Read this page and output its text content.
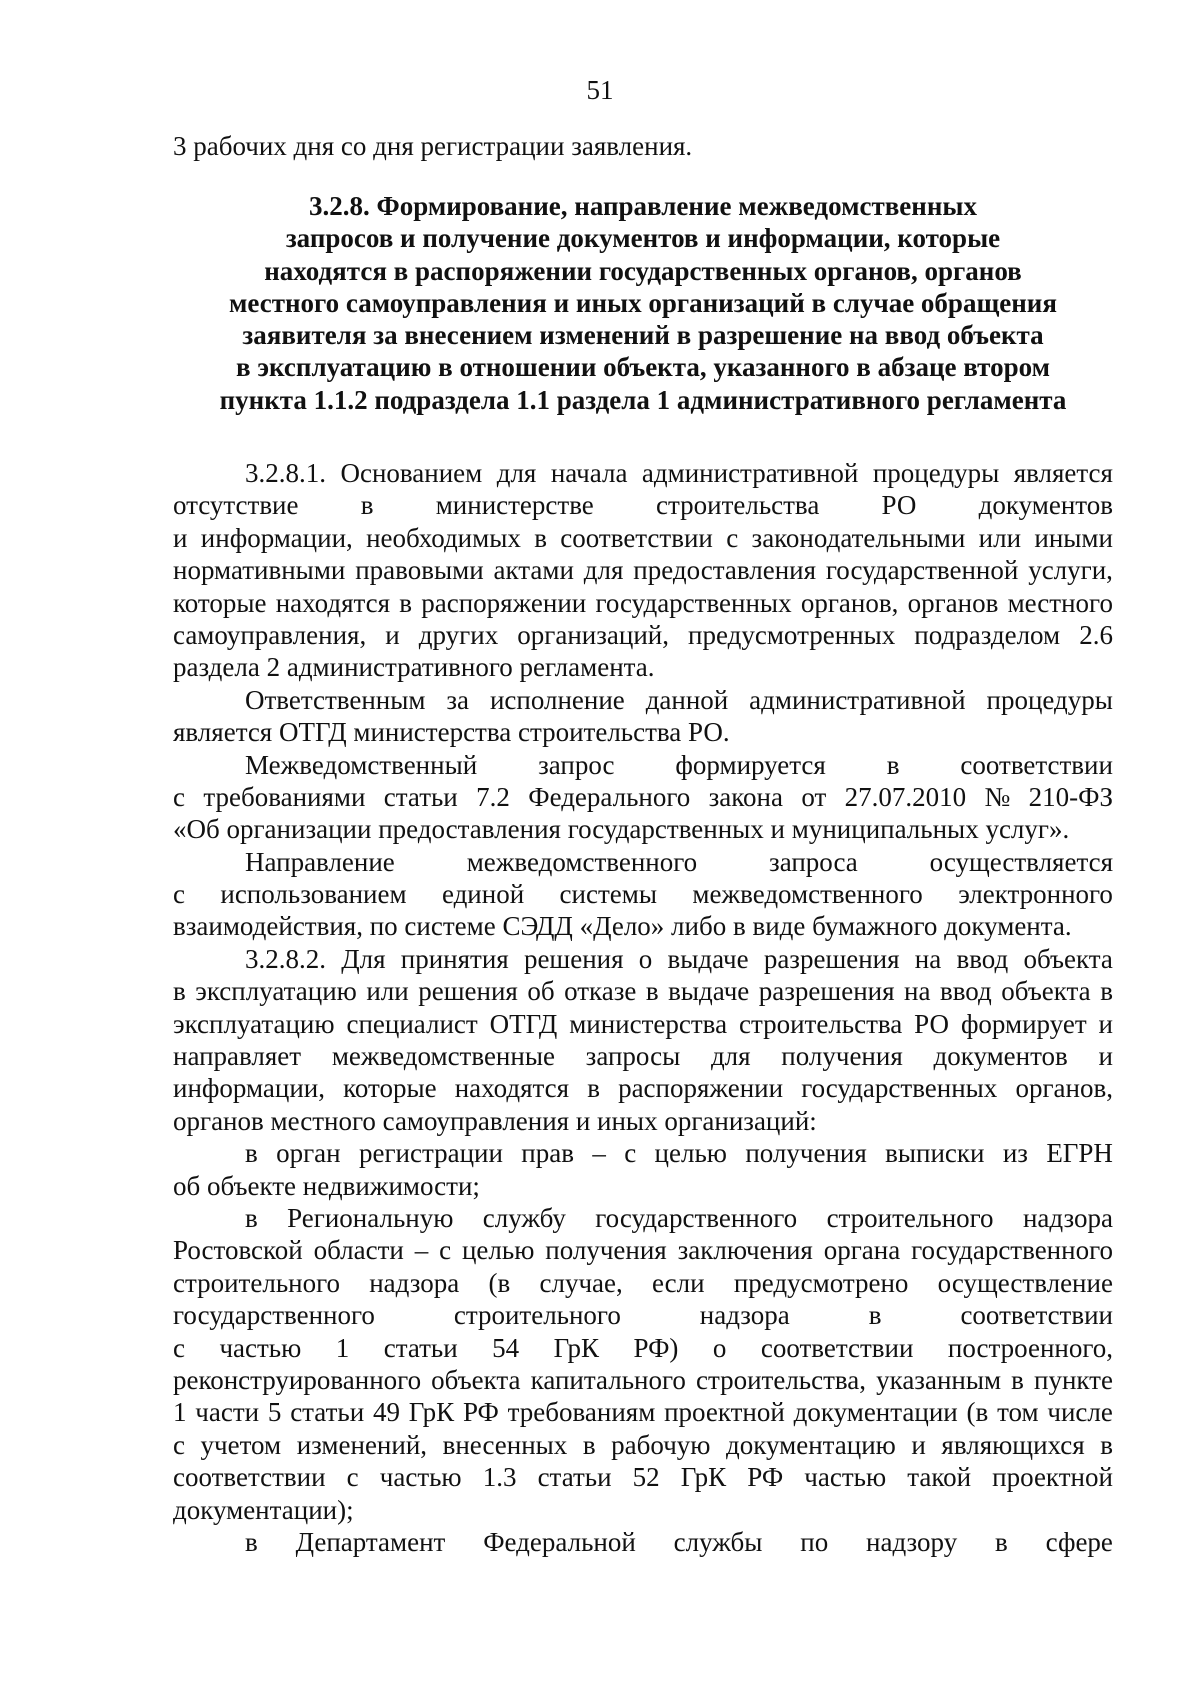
51
3 рабочих дня со дня регистрации заявления.
3.2.8. Формирование, направление межведомственных
запросов и получение документов и информации, которые
находятся в распоряжении государственных органов, органов
местного самоуправления и иных организаций в случае обращения
заявителя за внесением изменений в разрешение на ввод объекта
в эксплуатацию в отношении объекта, указанного в абзаце втором
пункта 1.1.2 подраздела 1.1 раздела 1 административного регламента
3.2.8.1. Основанием для начала административной процедуры является
отсутствие в министерстве строительства РО документов
и информации, необходимых в соответствии с законодательными или иными
нормативными правовыми актами для предоставления государственной услуги,
которые находятся в распоряжении государственных органов, органов местного
самоуправления, и других организаций, предусмотренных подразделом 2.6
раздела 2 административного регламента.
Ответственным за исполнение данной административной процедуры
является ОТГД министерства строительства РО.
Межведомственный запрос формируется в соответствии
с требованиями статьи 7.2 Федерального закона от 27.07.2010 № 210-ФЗ
«Об организации предоставления государственных и муниципальных услуг».
Направление	межведомственного	запроса	осуществляется
с использованием единой системы межведомственного электронного
взаимодействия, по системе СЭДД «Дело» либо в виде бумажного документа.
3.2.8.2. Для принятия решения о выдаче разрешения на ввод объекта
в эксплуатацию или решения об отказе в выдаче разрешения на ввод объекта в
эксплуатацию специалист ОТГД министерства строительства РО формирует и
направляет межведомственные запросы для получения документов и
информации, которые находятся в распоряжении государственных органов,
органов местного самоуправления и иных организаций:
в орган регистрации прав – с целью получения выписки из ЕГРН
об объекте недвижимости;
в Региональную службу государственного строительного надзора
Ростовской области – с целью получения заключения органа государственного
строительного надзора (в случае, если предусмотрено осуществление
государственного	строительного	надзора	в	соответствии
с частью 1 статьи 54 ГрК РФ) о соответствии построенного,
реконструированного объекта капитального строительства, указанным в пункте
1 части 5 статьи 49 ГрК РФ требованиям проектной документации (в том числе
с учетом изменений, внесенных в рабочую документацию и являющихся в
соответствии с частью 1.3 статьи 52 ГрК РФ частью такой проектной
документации);
в Департамент Федеральной службы по надзору в сфере
